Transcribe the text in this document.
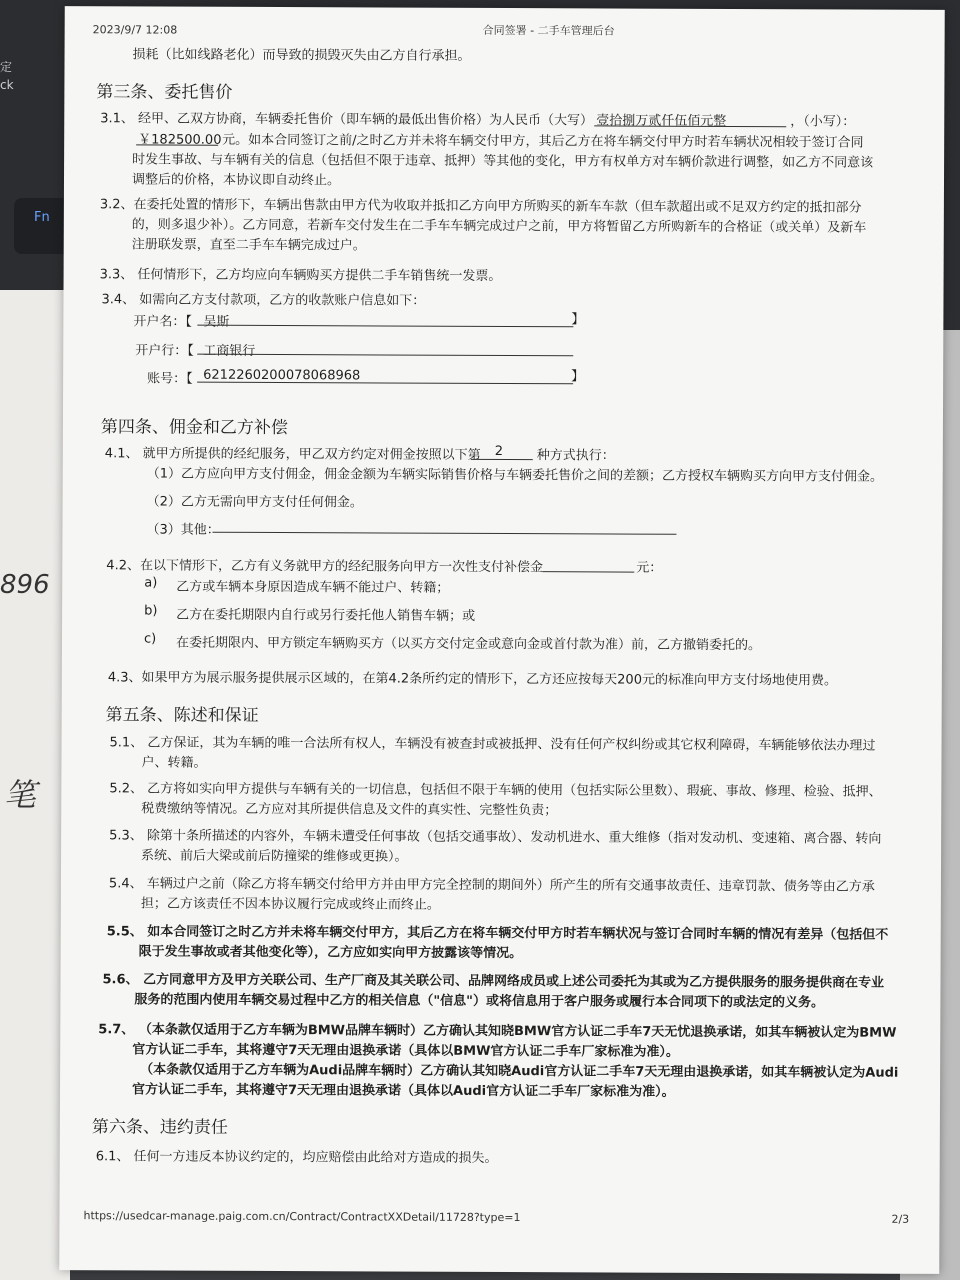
Fn
定
ck
896
笔
2023/9/7 12:08	合同签署 - 二手车管理后台
损耗（比如线路老化）而导致的损毁灭失由乙方自行承担。
第三条、委托售价
3.1、 经甲、乙双方协商，车辆委托售价（即车辆的最低出售价格）为人民币（大写） 壹拾捌万贰仟伍佰元整	，（小写）：
￥182500.00 元。如本合同签订之前/之时乙方并未将车辆交付甲方，其后乙方在将车辆交付甲方时若车辆状况相较于签订合同
时发生事故、与车辆有关的信息（包括但不限于违章、抵押）等其他的变化，甲方有权单方对车辆价款进行调整，如乙方不同意该
调整后的价格，本协议即自动终止。
3.2、在委托处置的情形下，车辆出售款由甲方代为收取并抵扣乙方向甲方所购买的新车车款（但车款超出或不足双方约定的抵扣部分
的，则多退少补）。乙方同意，若新车交付发生在二手车车辆完成过户之前，甲方将暂留乙方所购新车的合格证（或关单）及新车
注册联发票，直至二手车车辆完成过户。
3.3、 任何情形下，乙方均应向车辆购买方提供二手车销售统一发票。
3.4、 如需向乙方支付款项，乙方的收款账户信息如下：
开户名：【 吴斯	】
开户行：【 工商银行
账号：【 6212260200078068968	】
第四条、佣金和乙方补偿
4.1、 就甲方所提供的经纪服务，甲乙双方约定对佣金按照以下第 2	种方式执行：
（1）乙方应向甲方支付佣金，佣金金额为车辆实际销售价格与车辆委托售价之间的差额；乙方授权车辆购买方向甲方支付佣金。
（2）乙方无需向甲方支付任何佣金。
（3）其他：
4.2、在以下情形下，乙方有义务就甲方的经纪服务向甲方一次性支付补偿金	元：
a) 乙方或车辆本身原因造成车辆不能过户、转籍；
b) 乙方在委托期限内自行或另行委托他人销售车辆；或
c) 在委托期限内、甲方锁定车辆购买方（以买方交付定金或意向金或首付款为准）前，乙方撤销委托的。
4.3、如果甲方为展示服务提供展示区域的，在第4.2条所约定的情形下，乙方还应按每天200元的标准向甲方支付场地使用费。
第五条、陈述和保证
5.1、 乙方保证，其为车辆的唯一合法所有权人，车辆没有被查封或被抵押、没有任何产权纠纷或其它权利障碍，车辆能够依法办理过
户、转籍。
5.2、 乙方将如实向甲方提供与车辆有关的一切信息，包括但不限于车辆的使用（包括实际公里数）、瑕疵、事故、修理、检验、抵押、
税费缴纳等情况。乙方应对其所提供信息及文件的真实性、完整性负责；
5.3、 除第十条所描述的内容外，车辆未遭受任何事故（包括交通事故）、发动机进水、重大维修（指对发动机、变速箱、离合器、转向
系统、前后大梁或前后防撞梁的维修或更换）。
5.4、 车辆过户之前（除乙方将车辆交付给甲方并由甲方完全控制的期间外）所产生的所有交通事故责任、违章罚款、债务等由乙方承
担；乙方该责任不因本协议履行完成或终止而终止。
5.5、 如本合同签订之时乙方并未将车辆交付甲方，其后乙方在将车辆交付甲方时若车辆状况与签订合同时车辆的情况有差异（包括但不
限于发生事故或者其他变化等），乙方应如实向甲方披露该等情况。
5.6、 乙方同意甲方及甲方关联公司、生产厂商及其关联公司、品牌网络成员或上述公司委托为其或为乙方提供服务的服务提供商在专业
服务的范围内使用车辆交易过程中乙方的相关信息（"信息"）或将信息用于客户服务或履行本合同项下的或法定的义务。
5.7、 （本条款仅适用于乙方车辆为BMW品牌车辆时）乙方确认其知晓BMW官方认证二手车7天无忧退换承诺，如其车辆被认定为BMW
官方认证二手车，其将遵守7天无理由退换承诺（具体以BMW官方认证二手车厂家标准为准）。
（本条款仅适用于乙方车辆为Audi品牌车辆时）乙方确认其知晓Audi官方认证二手车7天无理由退换承诺，如其车辆被认定为Audi
官方认证二手车，其将遵守7天无理由退换承诺（具体以Audi官方认证二手车厂家标准为准）。
第六条、违约责任
6.1、 任何一方违反本协议约定的，均应赔偿由此给对方造成的损失。
https://usedcar-manage.paig.com.cn/Contract/ContractXXDetail/11728?type=1	2/3
